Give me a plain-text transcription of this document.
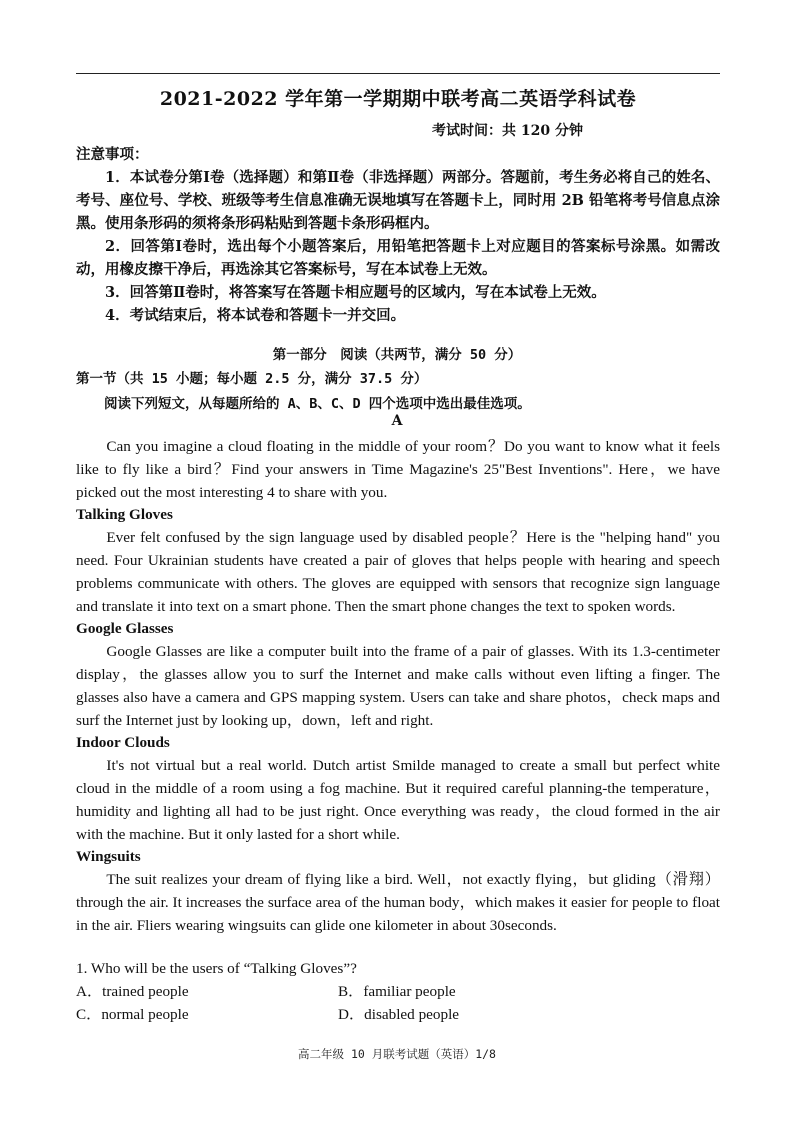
2021-2022 学年第一学期期中联考高二英语学科试卷
考试时间：共 120 分钟
注意事项：

1．本试卷分第Ⅰ卷（选择题）和第Ⅱ卷（非选择题）两部分。答题前，考生务必将自己的姓名、考号、座位号、学校、班级等考生信息准确无误地填写在答题卡上，同时用 2B 铅笔将考号信息点涂黑。使用条形码的须将条形码粘贴到答题卡条形码框内。

2．回答第Ⅰ卷时，选出每个小题答案后，用铅笔把答题卡上对应题目的答案标号涂黑。如需改动，用橡皮擦干净后，再选涂其它答案标号，写在本试卷上无效。

3．回答第Ⅱ卷时，将答案写在答题卡相应题号的区域内，写在本试卷上无效。

4．考试结束后，将本试卷和答题卡一并交回。

第一部分　阅读（共两节，满分 50 分）
第一节（共 15 小题；每小题 2.5 分，满分 37.5 分）
阅读下列短文，从每题所给的 A、B、C、D 四个选项中选出最佳选项。
A

Can you imagine a cloud floating in the middle of your room？Do you want to know what it feels like to fly like a bird？Find your answers in Time Magazine's 25"Best Inventions". Here，we have picked out the most interesting 4 to share with you.

Talking Gloves

Ever felt confused by the sign language used by disabled people？Here is the "helping hand" you need. Four Ukrainian students have created a pair of gloves that helps people with hearing and speech problems communicate with others. The gloves are equipped with sensors that recognize sign language and translate it into text on a smart phone. Then the smart phone changes the text to spoken words.

Google Glasses

Google Glasses are like a computer built into the frame of a pair of glasses. With its 1.3-centimeter display，the glasses allow you to surf the Internet and make calls without even lifting a finger. The glasses also have a camera and GPS mapping system. Users can take and share photos，check maps and surf the Internet just by looking up，down，left and right.

Indoor Clouds

It's not virtual but a real world. Dutch artist Smilde managed to create a small but perfect white cloud in the middle of a room using a fog machine. But it required careful planning-the temperature，humidity and lighting all had to be just right. Once everything was ready，the cloud formed in the air with the machine. But it only lasted for a short while.

Wingsuits

The suit realizes your dream of flying like a bird. Well，not exactly flying，but gliding（滑翔）through the air. It increases the surface area of the human body，which makes it easier for people to float in the air. Fliers wearing wingsuits can glide one kilometer in about 30seconds.

1. Who will be the users of “Talking Gloves”?
A．trained people	B．familiar people
C．normal people	D．disabled people
高二年级 10 月联考试题（英语）1/8
